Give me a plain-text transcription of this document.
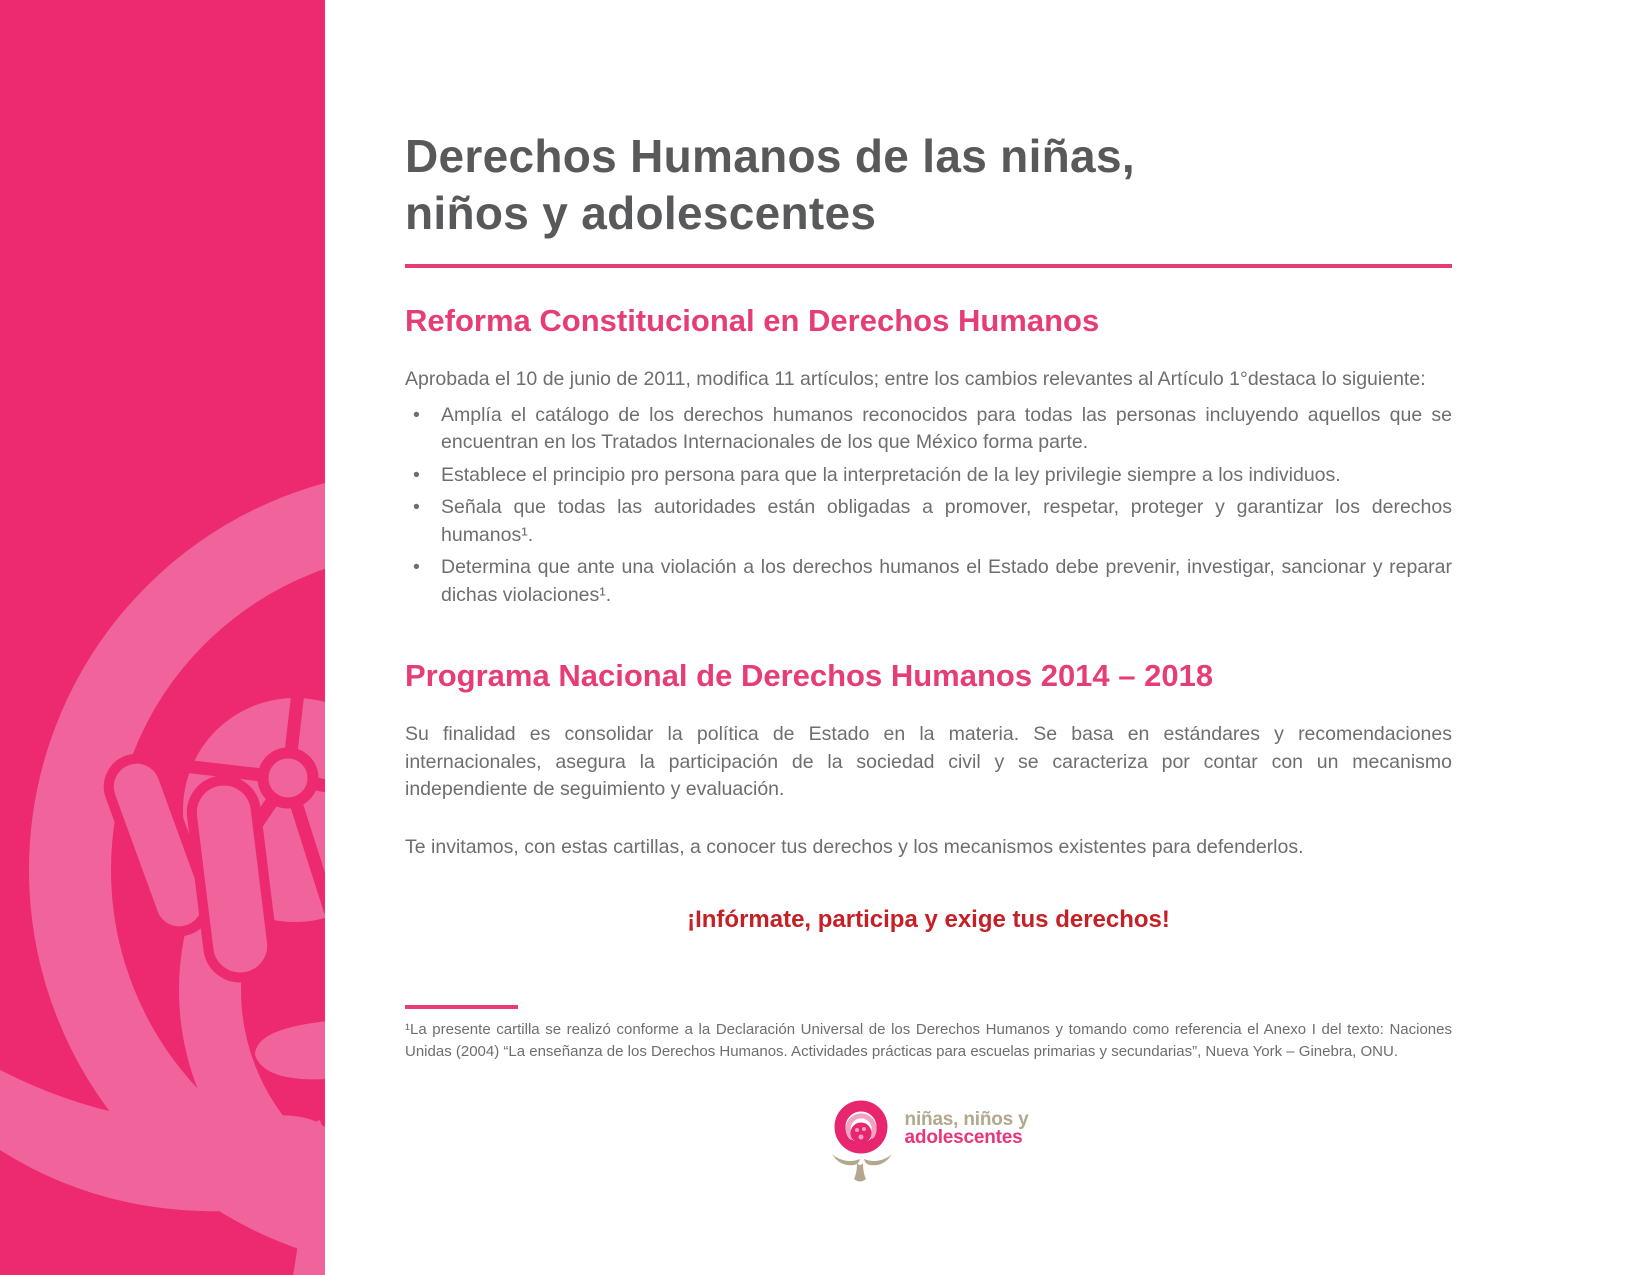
Derechos Humanos de las niñas,
niños y adolescentes
Reforma Constitucional en Derechos Humanos

Aprobada el 10 de junio de 2011, modifica 11 artículos; entre los cambios relevantes al Artículo 1°destaca lo siguiente:

• Amplía el catálogo de los derechos humanos reconocidos para todas las personas incluyendo aquellos que se encuentran en los Tratados Internacionales de los que México forma parte.
• Establece el principio pro persona para que la interpretación de la ley privilegie siempre a los individuos.
• Señala que todas las autoridades están obligadas a promover, respetar, proteger y garantizar los derechos humanos¹.
• Determina que ante una violación a los derechos humanos el Estado debe prevenir, investigar, sancionar y reparar dichas violaciones¹.
Programa Nacional de Derechos Humanos 2014 – 2018

Su finalidad es consolidar la política de Estado en la materia. Se basa en estándares y recomendaciones internacionales, asegura la participación de la sociedad civil y se caracteriza por contar con un mecanismo independiente de seguimiento y evaluación.

Te invitamos, con estas cartillas, a conocer tus derechos y los mecanismos existentes para defenderlos.

¡Infórmate, participa y exige tus derechos!

¹La presente cartilla se realizó conforme a la Declaración Universal de los Derechos Humanos y tomando como referencia el Anexo I del texto: Naciones Unidas (2004) “La enseñanza de los Derechos Humanos. Actividades prácticas para escuelas primarias y secundarias”, Nueva York – Ginebra, ONU.

niñas, niños y
adolescentes
